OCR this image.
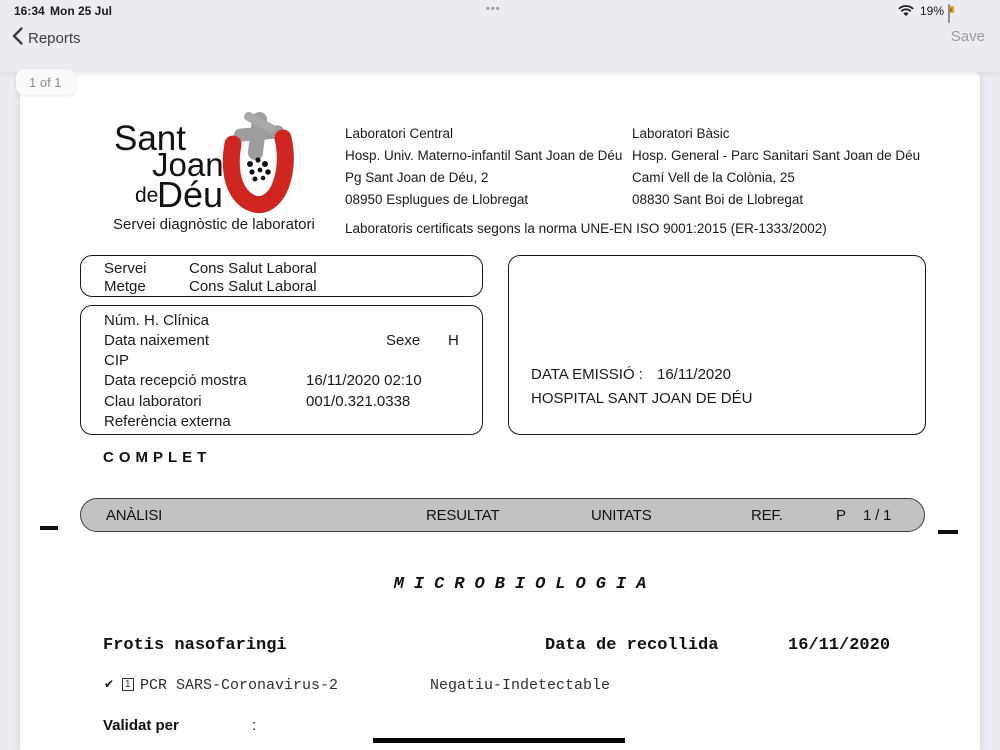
16:34 Mon 25 Jul	•••	19%
Reports	Save
1 of 1
Sant
Joan
de
Déu
Servei diagnòstic de laboratori
Laboratori Central
Hosp. Univ. Materno-infantil Sant Joan de Déu
Pg Sant Joan de Déu, 2
08950 Esplugues de Llobregat
Laboratori Bàsic
Hosp. General - Parc Sanitari Sant Joan de Déu
Camí Vell de la Colònia, 25
08830 Sant Boi de Llobregat
Laboratoris certificats segons la norma UNE-EN ISO 9001:2015 (ER-1333/2002)
Servei	Cons Salut Laboral
Metge	Cons Salut Laboral
Núm. H. Clínica
Data naixement	Sexe H
CIP
Data recepció mostra	16/11/2020 02:10
Clau laboratori	001/0.321.0338
Referència externa
DATA EMISSIÓ : 16/11/2020
HOSPITAL SANT JOAN DE DÉU
COMPLET
ANÀLISI	RESULTAT	UNITATS	REF.	P 1 / 1
MICROBIOLOGIA
Frotis nasofaringi	Data de recollida	16/11/2020
✔	1 PCR SARS-Coronavirus-2	Negatiu-Indetectable
Validat per	:
